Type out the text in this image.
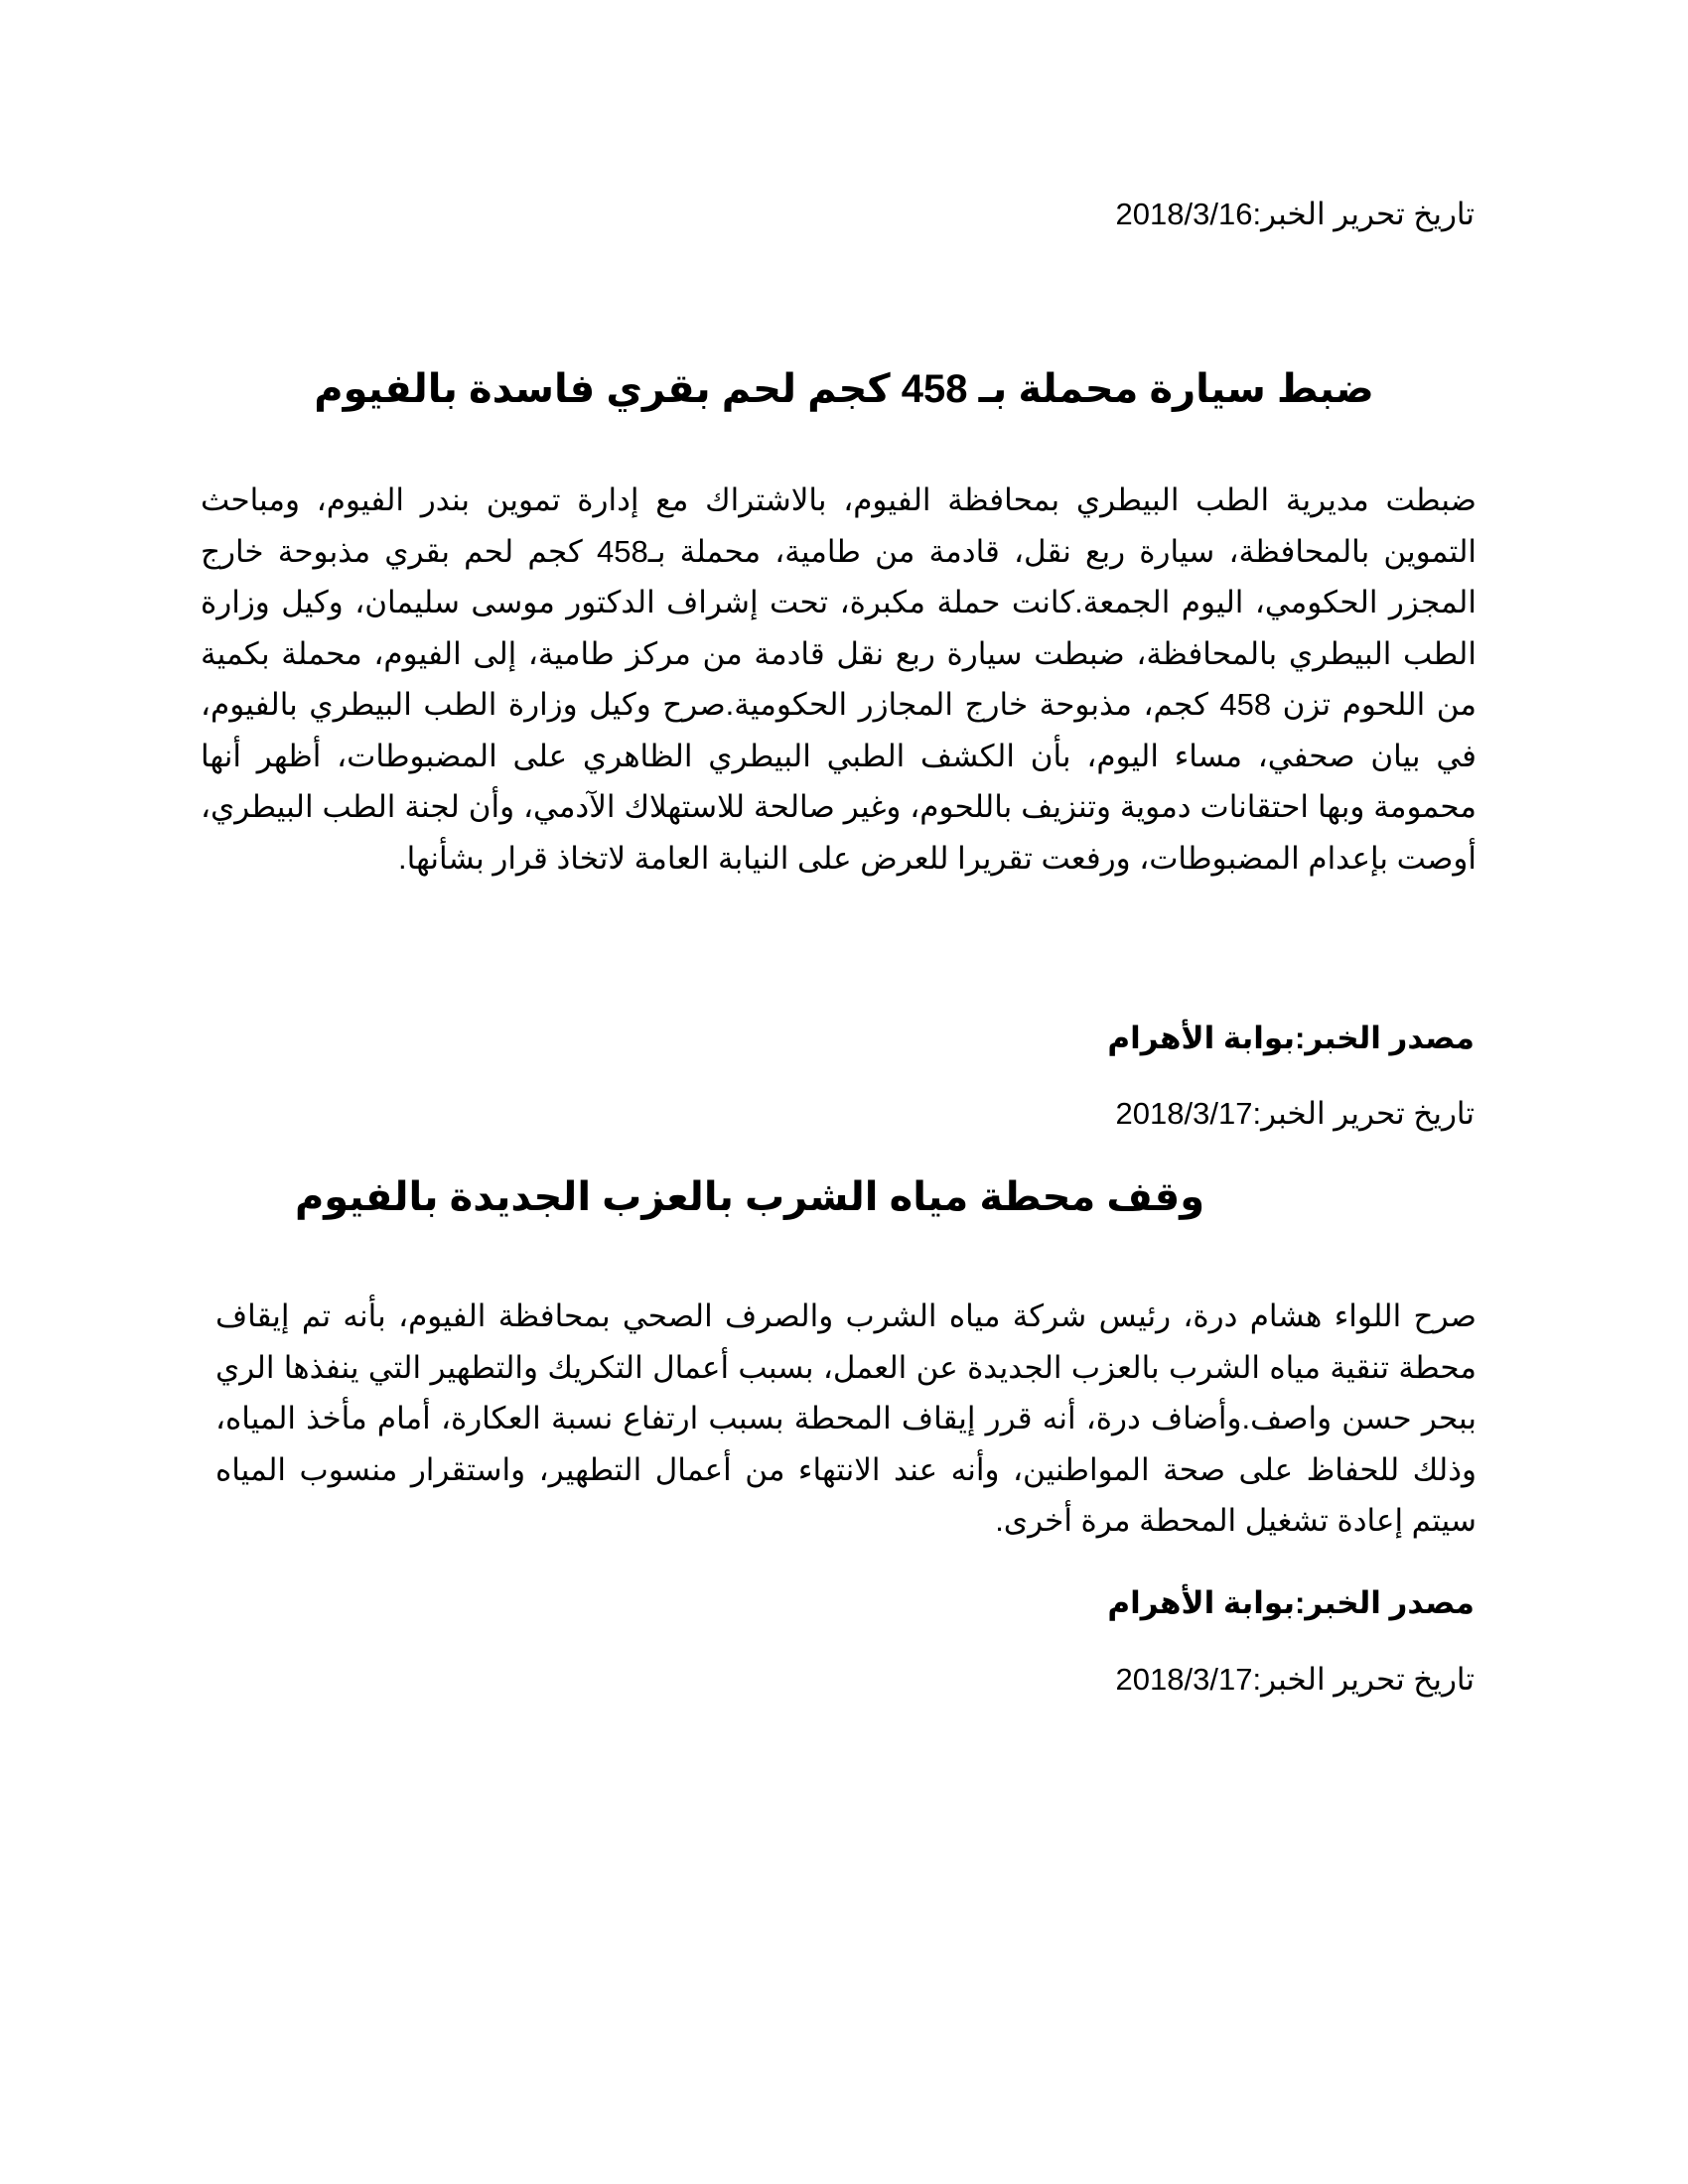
تاريخ تحرير الخبر:2018/3/16

ضبط سيارة محملة بـ 458 كجم لحم بقري فاسدة بالفيوم

ضبطت مديرية الطب البيطري بمحافظة الفيوم، بالاشتراك مع إدارة تموين بندر الفيوم، ومباحث التموين بالمحافظة، سيارة ربع نقل، قادمة من طامية، محملة بـ458 كجم لحم بقري مذبوحة خارج المجزر الحكومي، اليوم الجمعة.كانت حملة مكبرة، تحت إشراف الدكتور موسى سليمان، وكيل وزارة الطب البيطري بالمحافظة، ضبطت سيارة ربع نقل قادمة من مركز طامية، إلى الفيوم، محملة بكمية من اللحوم تزن 458 كجم، مذبوحة خارج المجازر الحكومية.صرح وكيل وزارة الطب البيطري بالفيوم، في بيان صحفي، مساء اليوم، بأن الكشف الطبي البيطري الظاهري على المضبوطات، أظهر أنها محمومة وبها احتقانات دموية وتنزيف باللحوم، وغير صالحة للاستهلاك الآدمي، وأن لجنة الطب البيطري، أوصت بإعدام المضبوطات، ورفعت تقريرا للعرض على النيابة العامة لاتخاذ قرار بشأنها.

مصدر الخبر:بوابة الأهرام

تاريخ تحرير الخبر:2018/3/17

وقف محطة مياه الشرب بالعزب الجديدة بالفيوم

صرح اللواء هشام درة، رئيس شركة مياه الشرب والصرف الصحي بمحافظة الفيوم، بأنه تم إيقاف محطة تنقية مياه الشرب بالعزب الجديدة عن العمل، بسبب أعمال التكريك والتطهير التي ينفذها الري ببحر حسن واصف.وأضاف درة، أنه قرر إيقاف المحطة بسبب ارتفاع نسبة العكارة، أمام مأخذ المياه، وذلك للحفاظ على صحة المواطنين، وأنه عند الانتهاء من أعمال التطهير، واستقرار منسوب المياه سيتم إعادة تشغيل المحطة مرة أخرى.

مصدر الخبر:بوابة الأهرام

تاريخ تحرير الخبر:2018/3/17
